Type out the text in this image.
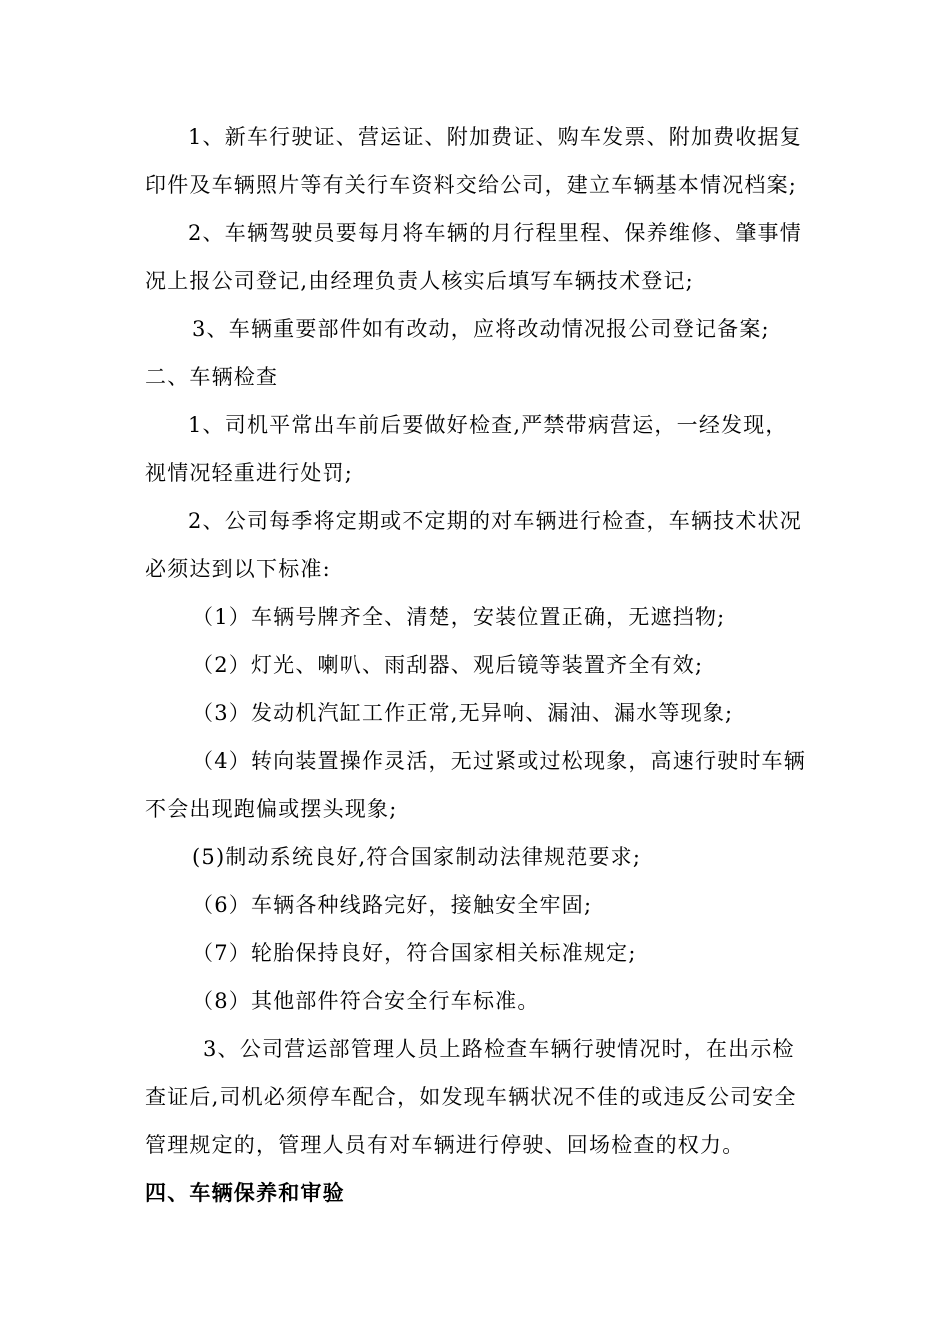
1、新车行驶证、营运证、附加费证、购车发票、附加费收据复
印件及车辆照片等有关行车资料交给公司，建立车辆基本情况档案;
2、车辆驾驶员要每月将车辆的月行程里程、保养维修、肇事情
况上报公司登记,由经理负责人核实后填写车辆技术登记;
3、车辆重要部件如有改动，应将改动情况报公司登记备案;
二、车辆检查
1、司机平常出车前后要做好检查,严禁带病营运，一经发现，
视情况轻重进行处罚;
2、公司每季将定期或不定期的对车辆进行检查，车辆技术状况
必须达到以下标准:
（1）车辆号牌齐全、清楚，安装位置正确，无遮挡物;
（2）灯光、喇叭、雨刮器、观后镜等装置齐全有效;
（3）发动机汽缸工作正常,无异响、漏油、漏水等现象;
（4）转向装置操作灵活，无过紧或过松现象，高速行驶时车辆
不会出现跑偏或摆头现象;
(5)制动系统良好,符合国家制动法律规范要求;
（6）车辆各种线路完好，接触安全牢固;
（7）轮胎保持良好，符合国家相关标准规定;
（8）其他部件符合安全行车标准。
3、公司营运部管理人员上路检查车辆行驶情况时，在出示检
查证后,司机必须停车配合，如发现车辆状况不佳的或违反公司安全
管理规定的，管理人员有对车辆进行停驶、回场检查的权力。
四、车辆保养和审验
